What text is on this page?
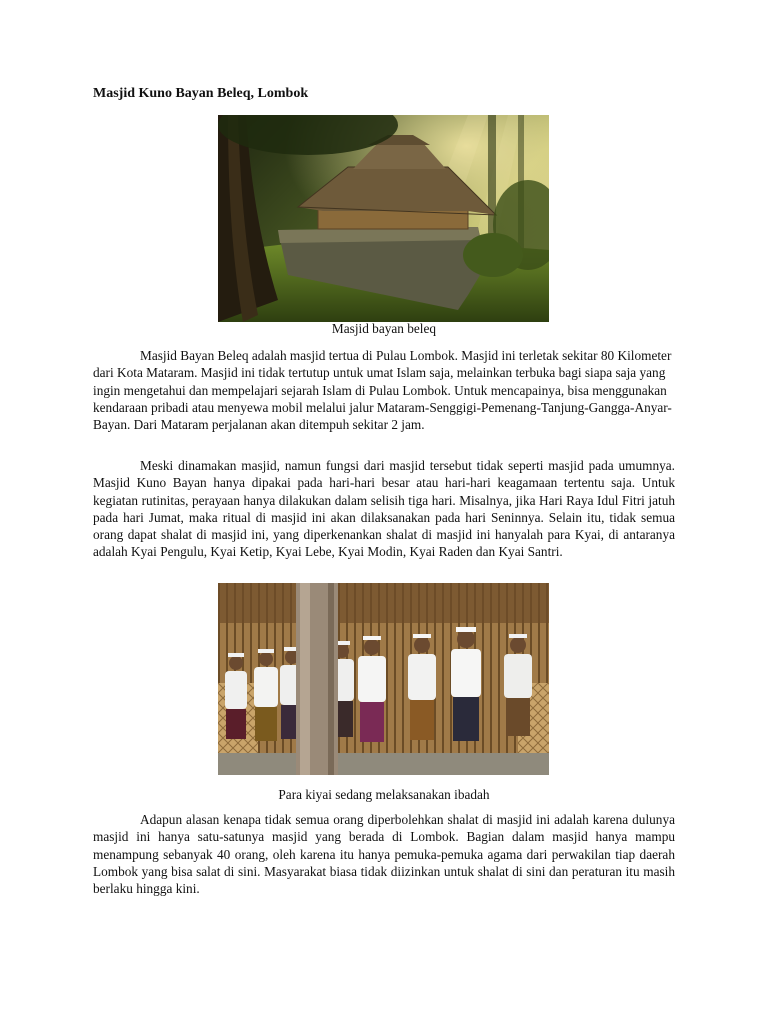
Masjid Kuno Bayan Beleq, Lombok
Masjid bayan beleq

Masjid Bayan Beleq adalah masjid tertua di Pulau Lombok. Masjid ini terletak sekitar 80 Kilometer dari Kota Mataram. Masjid ini tidak tertutup untuk umat Islam saja, melainkan terbuka bagi siapa saja yang ingin mengetahui dan mempelajari sejarah Islam di Pulau Lombok. Untuk mencapainya, bisa menggunakan kendaraan pribadi atau menyewa mobil melalui jalur Mataram-Senggigi-Pemenang-Tanjung-Gangga-Anyar-Bayan. Dari Mataram perjalanan akan ditempuh sekitar 2 jam.

Meski dinamakan masjid, namun fungsi dari masjid tersebut tidak seperti masjid pada umumnya. Masjid Kuno Bayan hanya dipakai pada hari-hari besar atau hari-hari keagamaan tertentu saja. Untuk kegiatan rutinitas, perayaan hanya dilakukan dalam selisih tiga hari. Misalnya, jika Hari Raya Idul Fitri jatuh pada hari Jumat, maka ritual di masjid ini akan dilaksanakan pada hari Seninnya. Selain itu, tidak semua orang dapat shalat di masjid ini, yang diperkenankan shalat di masjid ini hanyalah para Kyai, di antaranya adalah Kyai Pengulu, Kyai Ketip, Kyai Lebe, Kyai Modin, Kyai Raden dan Kyai Santri.

Para kiyai sedang melaksanakan ibadah

Adapun alasan kenapa tidak semua orang diperbolehkan shalat di masjid ini adalah karena dulunya masjid ini hanya satu-satunya masjid yang berada di Lombok. Bagian dalam masjid hanya mampu menampung sebanyak 40 orang, oleh karena itu hanya pemuka-pemuka agama dari perwakilan tiap daerah Lombok yang bisa salat di sini. Masyarakat biasa tidak diizinkan untuk shalat di sini dan peraturan itu masih berlaku hingga kini.
